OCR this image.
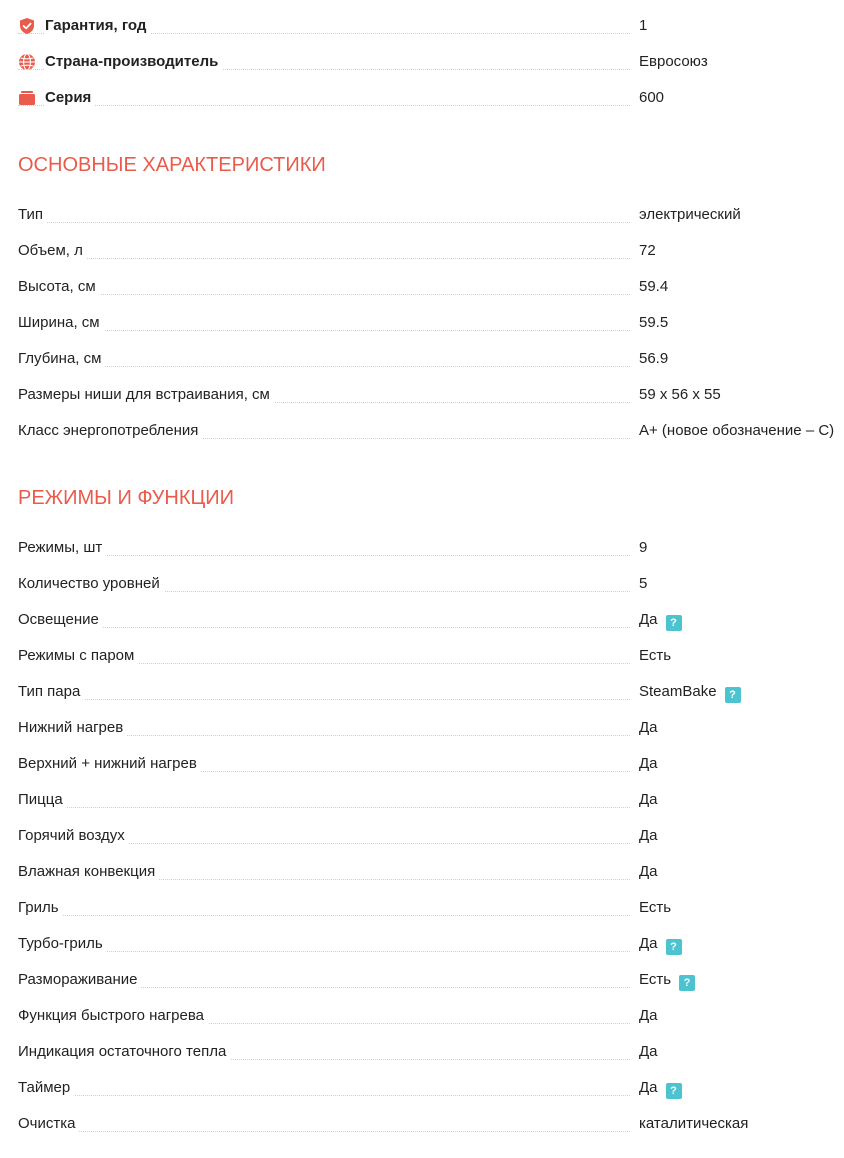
Гарантия, год	1
Страна-производитель	Евросоюз
Серия	600
ОСНОВНЫЕ ХАРАКТЕРИСТИКИ
Тип	электрический
Объем, л	72
Высота, см	59.4
Ширина, см	59.5
Глубина, см	56.9
Размеры ниши для встраивания, см	59 x 56 x 55
Класс энергопотребления	A+ (новое обозначение – C)
РЕЖИМЫ И ФУНКЦИИ
Режимы, шт	9
Количество уровней	5
Освещение	Да ?
Режимы с паром	Есть
Тип пара	SteamBake ?
Нижний нагрев	Да
Верхний + нижний нагрев	Да
Пицца	Да
Горячий воздух	Да
Влажная конвекция	Да
Гриль	Есть
Турбо-гриль	Да ?
Размораживание	Есть ?
Функция быстрого нагрева	Да
Индикация остаточного тепла	Да
Таймер	Да ?
Очистка	каталитическая
